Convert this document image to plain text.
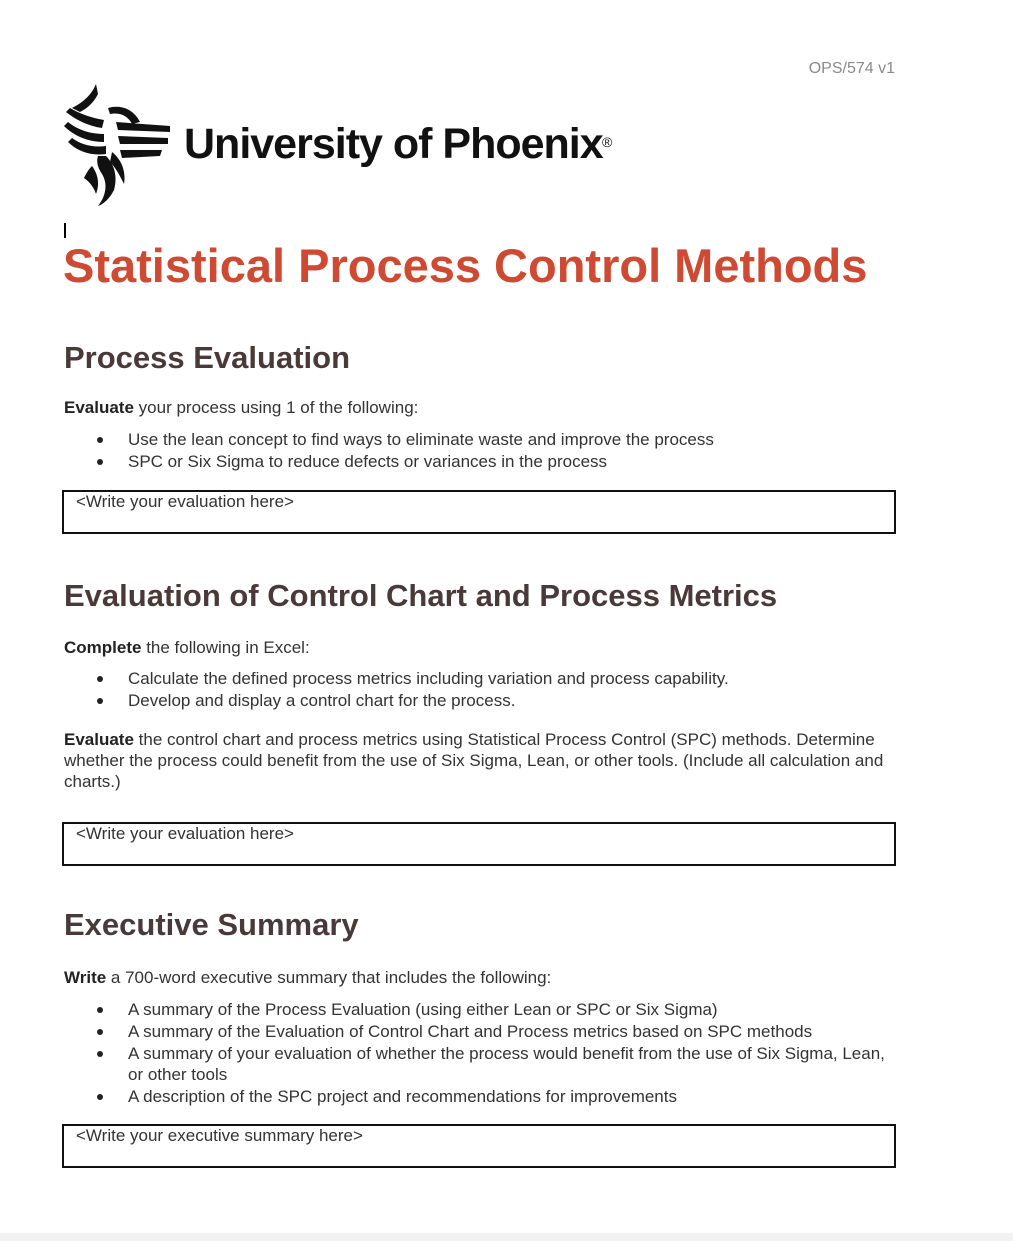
OPS/574 v1
University of Phoenix ®
Statistical Process Control Methods
Process Evaluation

Evaluate your process using 1 of the following:

Use the lean concept to find ways to eliminate waste and improve the process
SPC or Six Sigma to reduce defects or variances in the process
<Write your evaluation here>
Evaluation of Control Chart and Process Metrics

Complete the following in Excel:

Calculate the defined process metrics including variation and process capability.
Develop and display a control chart for the process.

Evaluate the control chart and process metrics using Statistical Process Control (SPC) methods. Determine whether the process could benefit from the use of Six Sigma, Lean, or other tools. (Include all calculation and charts.)

<Write your evaluation here>
Executive Summary

Write a 700-word executive summary that includes the following:

A summary of the Process Evaluation (using either Lean or SPC or Six Sigma)
A summary of the Evaluation of Control Chart and Process metrics based on SPC methods
A summary of your evaluation of whether the process would benefit from the use of Six Sigma, Lean, or other tools
A description of the SPC project and recommendations for improvements
<Write your executive summary here>
